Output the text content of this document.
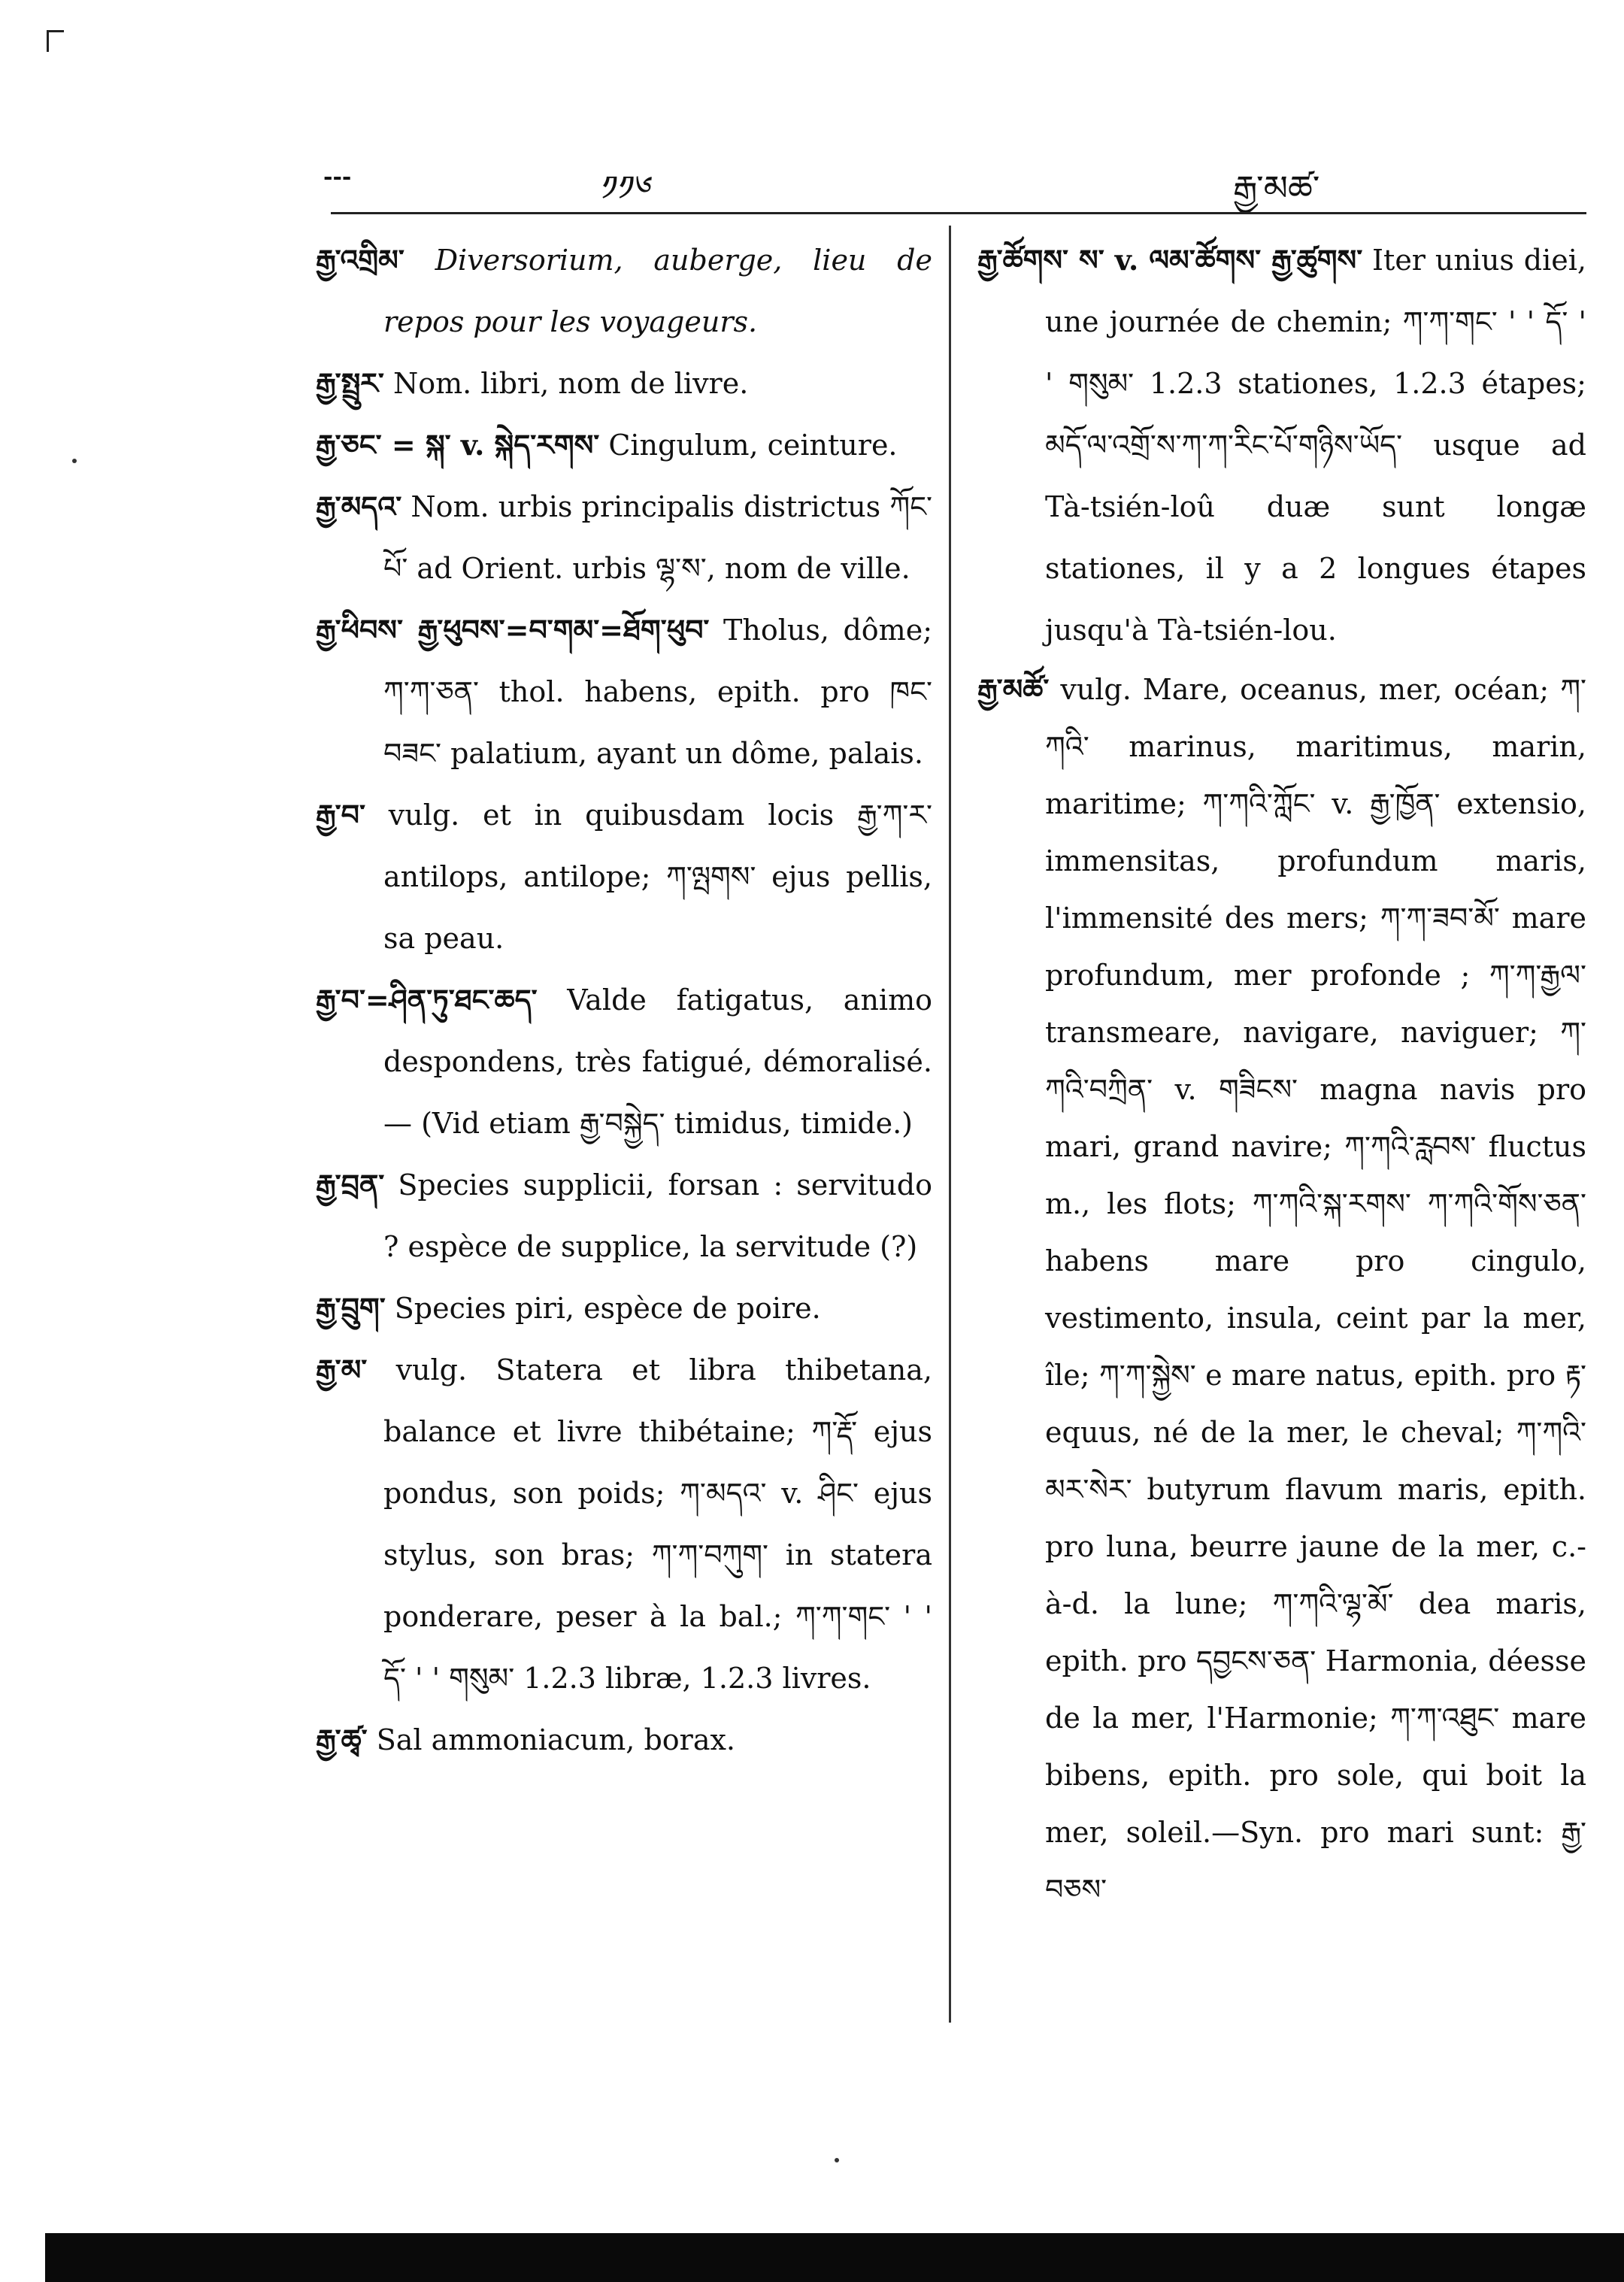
---	༡༡༦	རྒྱ་མཚ་

རྒྱ་འགྲིམ་ Diversorium, auberge, lieu de repos pour les voyageurs.

རྒྱ་སྤྲུར་ Nom. libri, nom de livre.

རྒྱ་ཅང་ = སྐ་ v. སྐེད་རགས་ Cingulum, ceinture.

རྒྱ་མདའ་ Nom. urbis principalis districtus ཀོང་པོ་ ad Orient. urbis ལྷ་ས་, nom de ville.

རྒྱ་ཕིབས་ རྒྱ་ཕུབས་=བ་གམ་=ཐོག་ཕུབ་ Tholus, dôme; ཀ་ཀ་ཅན་ thol. habens, epith. pro ཁང་བཟང་ palatium, ayant un dôme, palais.

རྒྱ་བ་ vulg. et in quibusdam locis རྒྱ་ཀ་ར་ antilops, antilope; ཀ་ལྤགས་ ejus pellis, sa peau.

རྒྱ་བ་=ཤིན་ཏུ་ཐང་ཆད་ Valde fatigatus, animo despondens, très fatigué, démoralisé. — (Vid etiam རྒྱ་བསྐྱེད་ timidus, timide.)

རྒྱ་བྲན་ Species supplicii, forsan : servitudo ? espèce de supplice, la servitude (?)

རྒྱ་བྲུག་ Species piri, espèce de poire.

རྒྱ་མ་ vulg. Statera et libra thibetana, balance et livre thibétaine; ཀ་རྡོ་ ejus pondus, son poids; ཀ་མདའ་ v. ཤིང་ ejus stylus, son bras; ཀ་ཀ་བཀུག་ in statera ponderare, peser à la bal.; ཀ་ཀ་གང་ ' ' དོ་ ' ' གསུམ་ 1.2.3 libræ, 1.2.3 livres.

རྒྱ་ཚྭ་ Sal ammoniacum, borax.

རྒྱ་ཚོགས་ ས་ v. ལམ་ཚོགས་ རྒྱ་ཚུགས་ Iter unius diei, une journée de chemin; ཀ་ཀ་གང་ ' ' དོ་ ' ' གསུམ་ 1.2.3 stationes, 1.2.3 étapes; མདོ་ལ་འགྲོ་ས་ཀ་ཀ་རིང་པོ་གཉིས་ཡོད་ usque ad Tà-tsién-loû duæ sunt longæ stationes, il y a 2 longues étapes jusqu'à Tà-tsién-lou.

རྒྱ་མཚོ་ vulg. Mare, oceanus, mer, océan; ཀ་ཀའི་ marinus, maritimus, marin, maritime; ཀ་ཀའི་ཀློང་ v. རྒྱ་ཁྱོན་ extensio, immensitas, profundum maris, l'immensité des mers; ཀ་ཀ་ཟབ་མོ་ mare profundum, mer profonde ; ཀ་ཀ་རྒྱལ་ transmeare, navigare, naviguer; ཀ་ཀའི་བཀྲིན་ v. གཟིངས་ magna navis pro mari, grand navire; ཀ་ཀའི་རླབས་ fluctus m., les flots; ཀ་ཀའི་སྐ་རགས་ ཀ་ཀའི་གོས་ཅན་ habens mare pro cingulo, vestimento, insula, ceint par la mer, île; ཀ་ཀ་སྐྱེས་ e mare natus, epith. pro རྟ་ equus, né de la mer, le cheval; ཀ་ཀའི་མར་སེར་ butyrum flavum maris, epith. pro luna, beurre jaune de la mer, c.-à-d. la lune; ཀ་ཀའི་ལྷ་མོ་ dea maris, epith. pro དབྱངས་ཅན་ Harmonia, déesse de la mer, l'Harmonie; ཀ་ཀ་འཐུང་ mare bibens, epith. pro sole, qui boit la mer, soleil.—Syn. pro mari sunt: རྒྱ་བཅས་
